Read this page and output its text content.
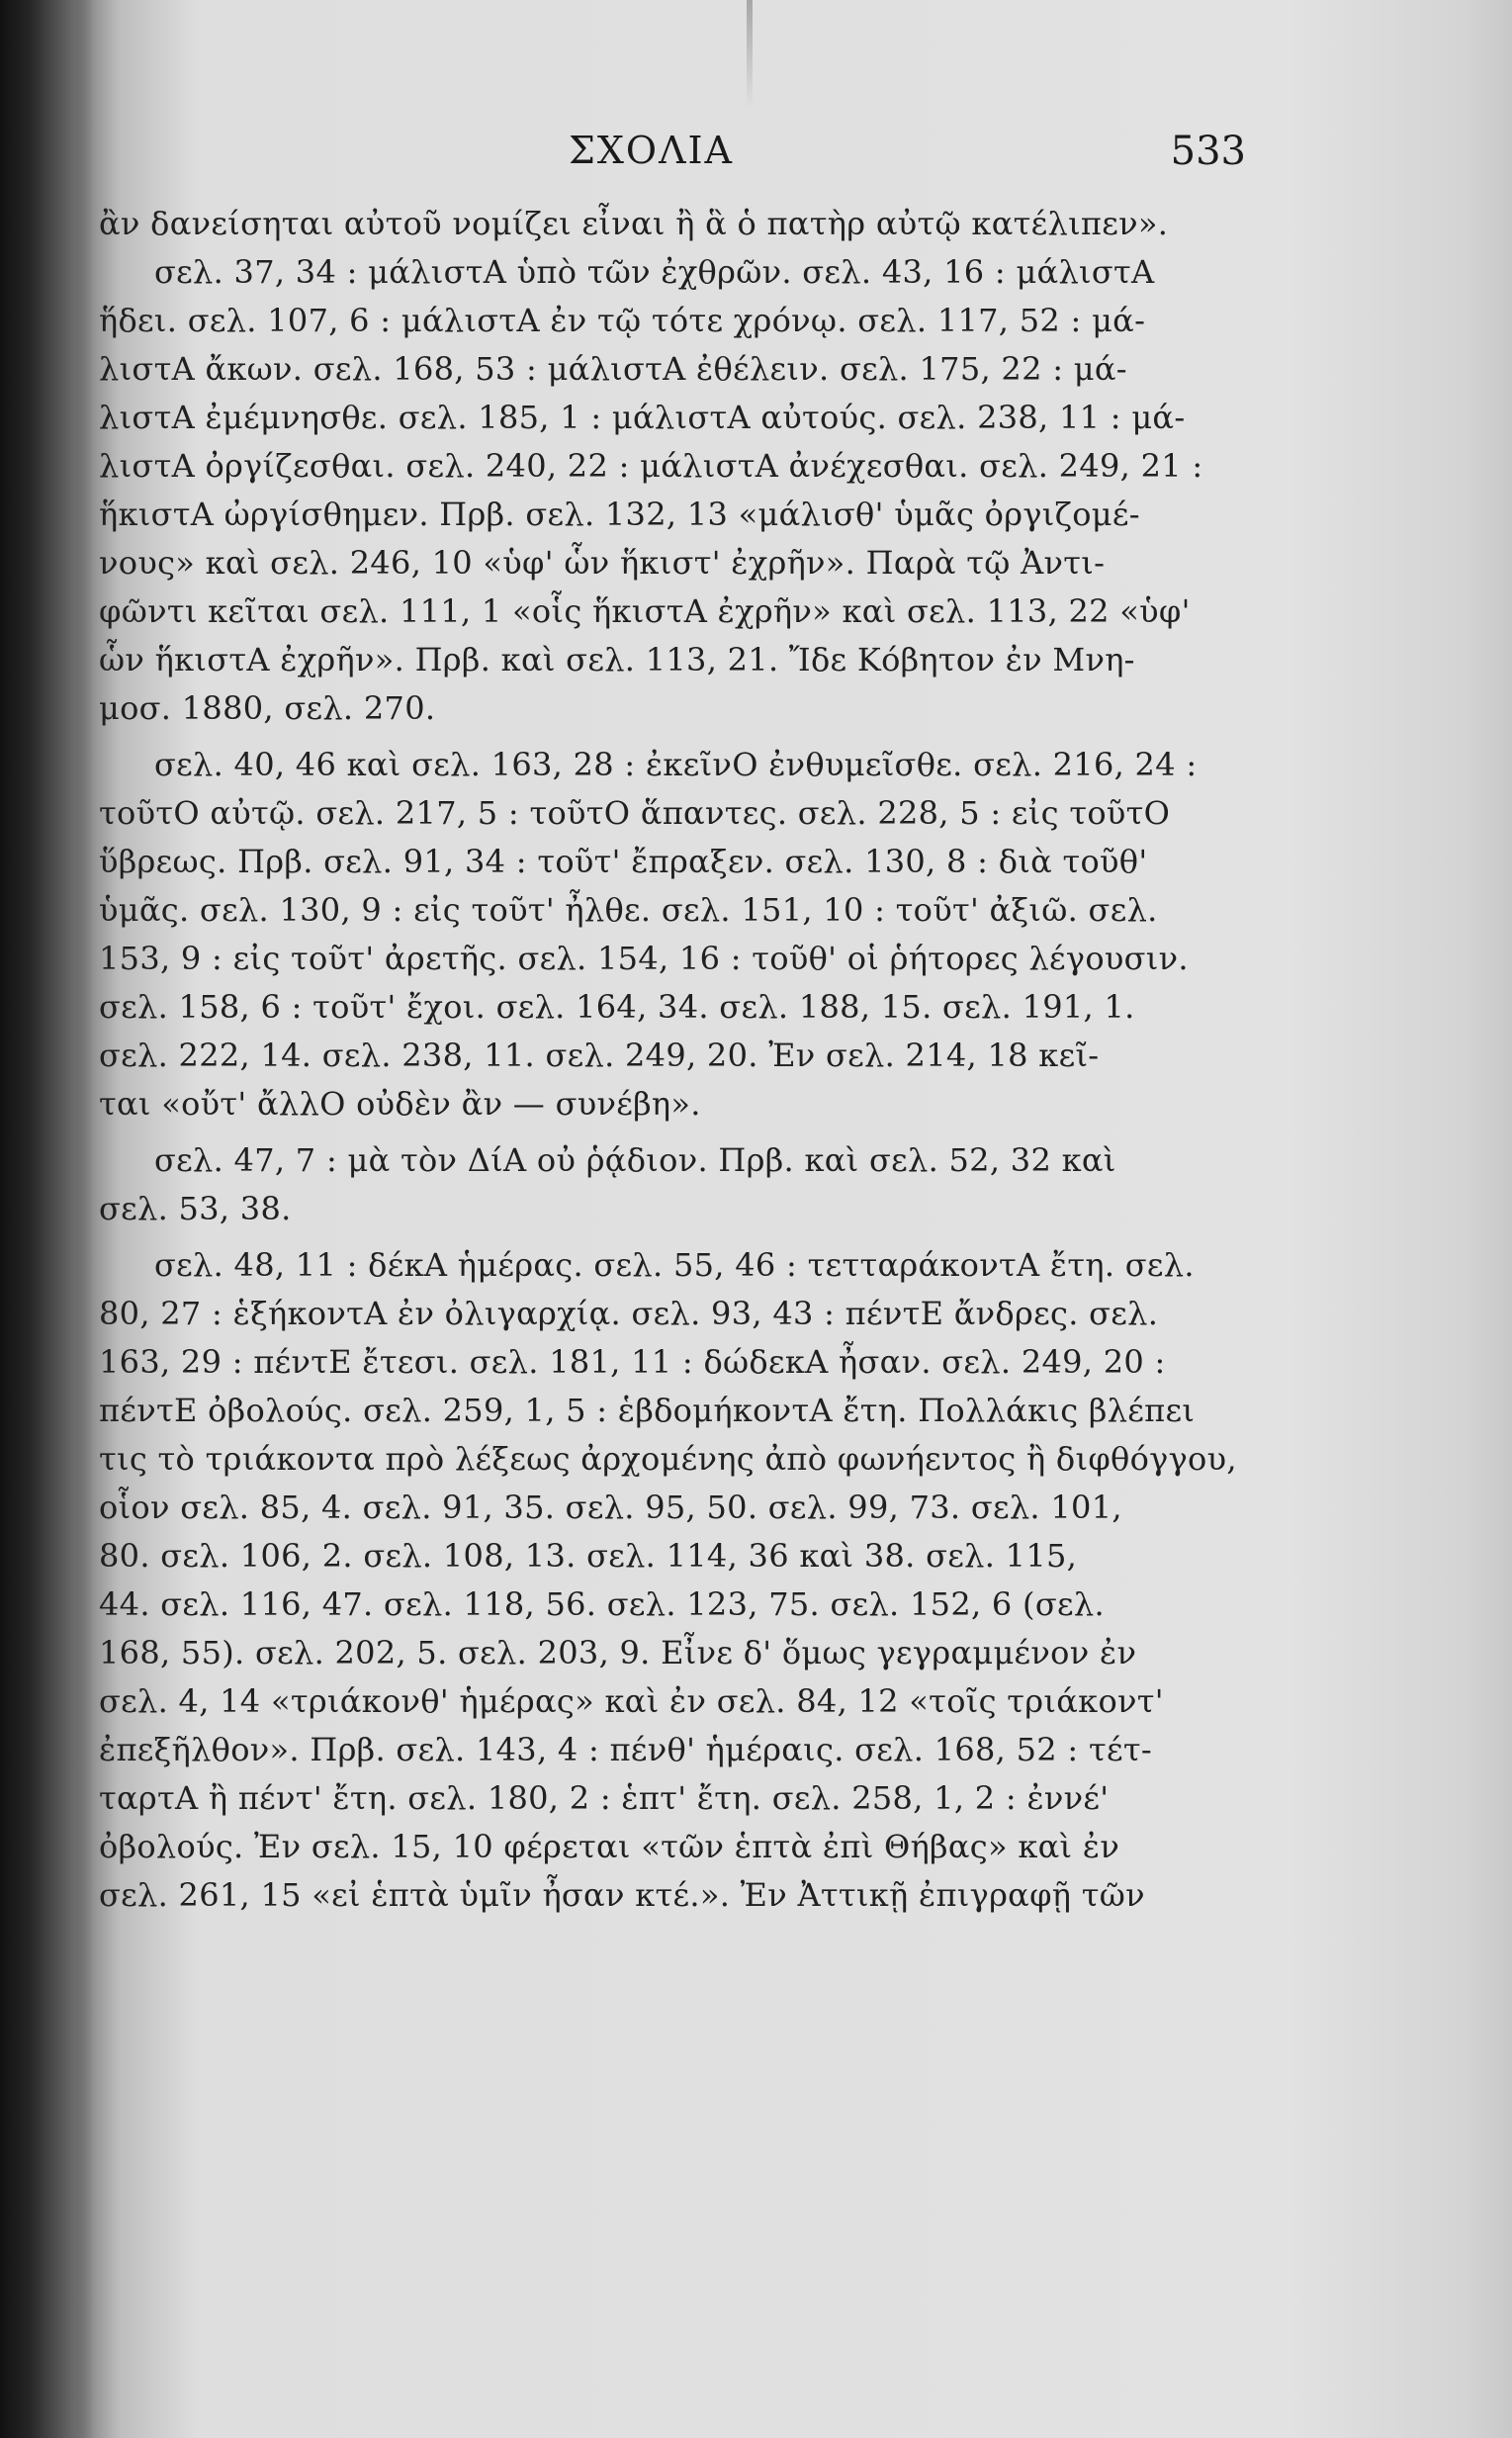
ΣΧΟΛΙΑ	533
ἂν δανείσηται αὐτοῦ νομίζει εἶναι ἢ ἃ ὁ πατὴρ αὐτῷ κατέλιπεν».
σελ. 37, 34 : μάλιστΑ ὑπὸ τῶν ἐχθρῶν. σελ. 43, 16 : μάλιστΑ
ἥδει. σελ. 107, 6 : μάλιστΑ ἐν τῷ τότε χρόνῳ. σελ. 117, 52 : μά-
λιστΑ ἄκων. σελ. 168, 53 : μάλιστΑ ἐθέλειν. σελ. 175, 22 : μά-
λιστΑ ἐμέμνησθε. σελ. 185, 1 : μάλιστΑ αὐτούς. σελ. 238, 11 : μά-
λιστΑ ὀργίζεσθαι. σελ. 240, 22 : μάλιστΑ ἀνέχεσθαι. σελ. 249, 21 :
ἥκιστΑ ὠργίσθημεν. Πρβ. σελ. 132, 13 «μάλισθ' ὑμᾶς ὀργιζομέ-
νους» καὶ σελ. 246, 10 «ὑφ' ὧν ἥκιστ' ἐχρῆν». Παρὰ τῷ Ἀντι-
φῶντι κεῖται σελ. 111, 1 «οἷς ἥκιστΑ ἐχρῆν» καὶ σελ. 113, 22 «ὑφ'
ὧν ἥκιστΑ ἐχρῆν». Πρβ. καὶ σελ. 113, 21. Ἴδε Κόβητον ἐν Μνη-
μοσ. 1880, σελ. 270.
σελ. 40, 46 καὶ σελ. 163, 28 : ἐκεῖνΟ ἐνθυμεῖσθε. σελ. 216, 24 :
τοῦτΟ αὐτῷ. σελ. 217, 5 : τοῦτΟ ἅπαντες. σελ. 228, 5 : εἰς τοῦτΟ
ὕβρεως. Πρβ. σελ. 91, 34 : τοῦτ' ἔπραξεν. σελ. 130, 8 : διὰ τοῦθ'
ὑμᾶς. σελ. 130, 9 : εἰς τοῦτ' ἦλθε. σελ. 151, 10 : τοῦτ' ἀξιῶ. σελ.
153, 9 : εἰς τοῦτ' ἀρετῆς. σελ. 154, 16 : τοῦθ' οἱ ῥήτορες λέγουσιν.
σελ. 158, 6 : τοῦτ' ἔχοι. σελ. 164, 34. σελ. 188, 15. σελ. 191, 1.
σελ. 222, 14. σελ. 238, 11. σελ. 249, 20. Ἐν σελ. 214, 18 κεῖ-
ται «οὔτ' ἄλλΟ οὐδὲν ἂν — συνέβη».
σελ. 47, 7 : μὰ τὸν ΔίΑ οὐ ῥᾴδιον. Πρβ. καὶ σελ. 52, 32 καὶ
σελ. 53, 38.
σελ. 48, 11 : δέκΑ ἡμέρας. σελ. 55, 46 : τετταράκοντΑ ἔτη. σελ.
80, 27 : ἑξήκοντΑ ἐν ὀλιγαρχίᾳ. σελ. 93, 43 : πέντΕ ἄνδρες. σελ.
163, 29 : πέντΕ ἔτεσι. σελ. 181, 11 : δώδεκΑ ἦσαν. σελ. 249, 20 :
πέντΕ ὀβολούς. σελ. 259, 1, 5 : ἑβδομήκοντΑ ἔτη. Πολλάκις βλέπει
τις τὸ τριάκοντα πρὸ λέξεως ἀρχομένης ἀπὸ φωνήεντος ἢ διφθόγγου,
οἷον σελ. 85, 4. σελ. 91, 35. σελ. 95, 50. σελ. 99, 73. σελ. 101,
80. σελ. 106, 2. σελ. 108, 13. σελ. 114, 36 καὶ 38. σελ. 115,
44. σελ. 116, 47. σελ. 118, 56. σελ. 123, 75. σελ. 152, 6 (σελ.
168, 55). σελ. 202, 5. σελ. 203, 9. Εἶνε δ' ὅμως γεγραμμένον ἐν
σελ. 4, 14 «τριάκονθ' ἡμέρας» καὶ ἐν σελ. 84, 12 «τοῖς τριάκοντ'
ἐπεξῆλθον». Πρβ. σελ. 143, 4 : πένθ' ἡμέραις. σελ. 168, 52 : τέτ-
ταρτΑ ἢ πέντ' ἔτη. σελ. 180, 2 : ἑπτ' ἔτη. σελ. 258, 1, 2 : ἐννέ'
ὀβολούς. Ἐν σελ. 15, 10 φέρεται «τῶν ἑπτὰ ἐπὶ Θήβας» καὶ ἐν
σελ. 261, 15 «εἰ ἑπτὰ ὑμῖν ἦσαν κτέ.». Ἐν Ἀττικῇ ἐπιγραφῇ τῶν
